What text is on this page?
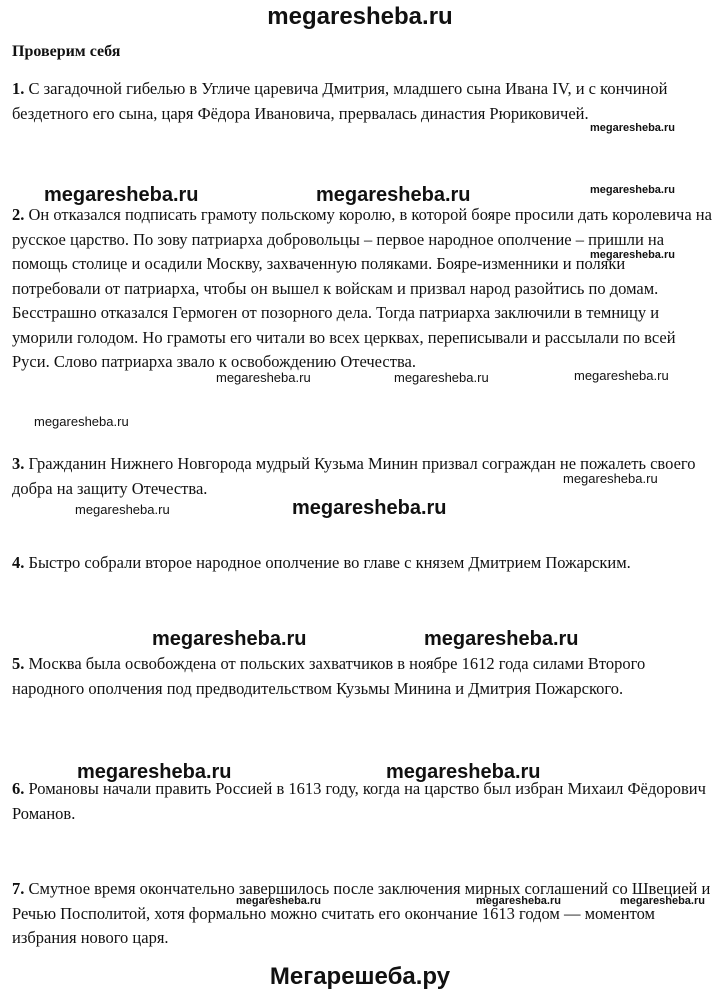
megaresheba.ru
Проверим себя

1. С загадочной гибелью в Угличе царевича Дмитрия, младшего сына Ивана IV, и с кончиной бездетного его сына, царя Фёдора Ивановича, прервалась династия Рюриковичей.

2. Он отказался подписать грамоту польскому королю, в которой бояре просили дать королевича на русское царство. По зову патриарха добровольцы – первое народное ополчение – пришли на помощь столице и осадили Москву, захваченную поляками. Бояре-изменники и поляки потребовали от патриарха, чтобы он вышел к войскам и призвал народ разойтись по домам. Бесстрашно отказался Гермоген от позорного дела. Тогда патриарха заключили в темницу и уморили голодом. Но грамоты его читали во всех церквах, переписывали и рассылали по всей Руси. Слово патриарха звало к освобождению Отечества.

3. Гражданин Нижнего Новгорода мудрый Кузьма Минин призвал сограждан не пожалеть своего добра на защиту Отечества.

4. Быстро собрали второе народное ополчение во главе с князем Дмитрием Пожарским.

5. Москва была освобождена от польских захватчиков в ноябре 1612 года силами Второго народного ополчения под предводительством Кузьмы Минина и Дмитрия Пожарского.

6. Романовы начали править Россией в 1613 году, когда на царство был избран Михаил Фёдорович Романов.

7. Смутное время окончательно завершилось после заключения мирных соглашений со Швецией и Речью Посполитой, хотя формально можно считать его окончание 1613 годом — моментом избрания нового царя.

megaresheba.ru
megaresheba.ru	megaresheba.ru	megaresheba.ru
megaresheba.ru
megaresheba.ru	megaresheba.ru	megaresheba.ru
megaresheba.ru
megaresheba.ru
megaresheba.ru	megaresheba.ru
megaresheba.ru	megaresheba.ru
megaresheba.ru	megaresheba.ru
megaresheba.ru	megaresheba.ru	megaresheba.ru
Мегарешеба.ру
